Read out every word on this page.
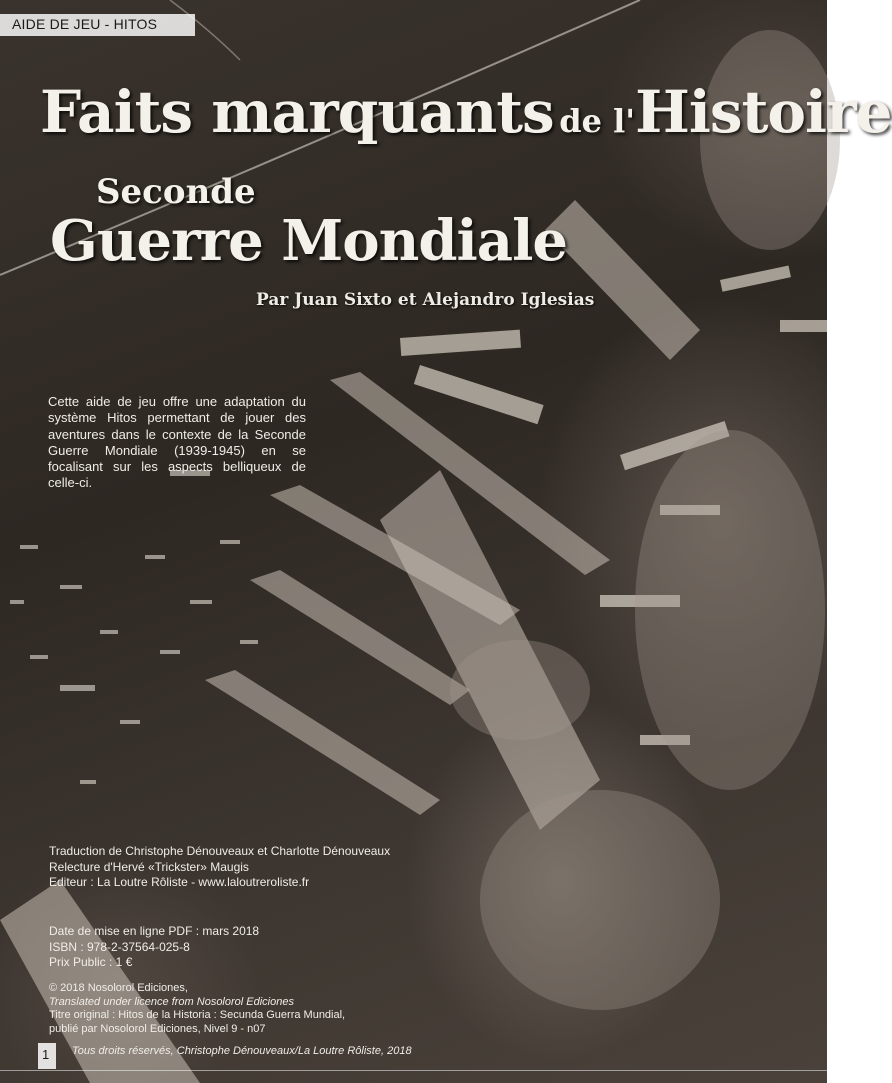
AIDE DE JEU - HITOS
Faits marquants de l'Histoire
Seconde
Guerre Mondiale
Par Juan Sixto et Alejandro Iglesias
Cette aide de jeu offre une adaptation du système Hitos permettant de jouer des aventures dans le contexte de la Seconde Guerre Mondiale (1939-1945) en se focalisant sur les aspects belliqueux de celle-ci.
Traduction de Christophe Dénouveaux et Charlotte Dénouveaux
Relecture d'Hervé «Trickster» Maugis
Editeur : La Loutre Rôliste - www.laloutreroliste.fr
Date de mise en ligne PDF : mars 2018
ISBN : 978-2-37564-025-8
Prix Public : 1 €
© 2018 Nosolorol Ediciones,
Translated under licence from Nosolorol Ediciones
Titre original : Hitos de la Historia : Secunda Guerra Mundial,
publié par Nosolorol Ediciones, Nivel 9 - n07
1 Tous droits réservés, Christophe Dénouveaux/La Loutre Rôliste, 2018
